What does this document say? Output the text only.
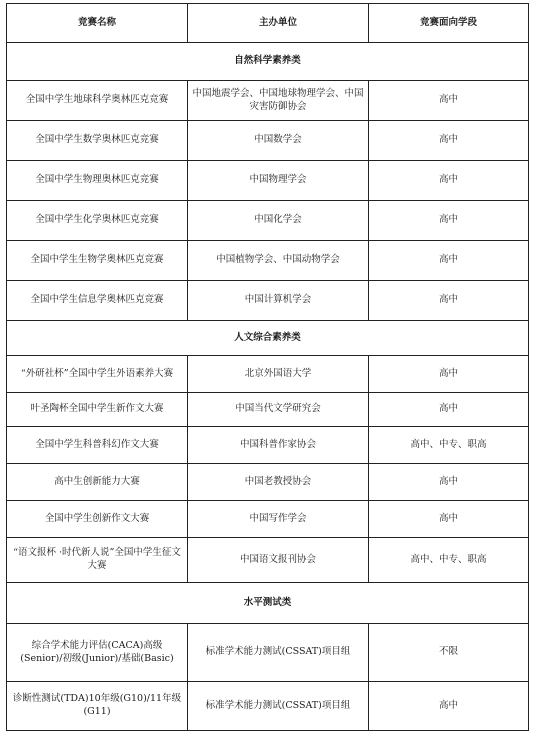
竞赛名称	主办单位	竞赛面向学段
自然科学素养类		
全国中学生地球科学奥林匹克竞赛	中国地震学会、中国地球物理学会、中国灾害防御协会	高中
全国中学生数学奥林匹克竞赛	中国数学会	高中
全国中学生物理奥林匹克竞赛	中国物理学会	高中
全国中学生化学奥林匹克竞赛	中国化学会	高中
全国中学生生物学奥林匹克竞赛	中国植物学会、中国动物学会	高中
全国中学生信息学奥林匹克竞赛	中国计算机学会	高中
人文综合素养类		
“外研社杯”全国中学生外语素养大赛	北京外国语大学	高中
叶圣陶杯全国中学生新作文大赛	中国当代文学研究会	高中
全国中学生科普科幻作文大赛	中国科普作家协会	高中、中专、职高
高中生创新能力大赛	中国老教授协会	高中
全国中学生创新作文大赛	中国写作学会	高中
“语文报杯 ·时代新人说”全国中学生征文大赛	中国语文报刊协会	高中、中专、职高
水平测试类		
综合学术能力评估(CACA)高级(Senior)/初级(Junior)/基础(Basic)	标准学术能力测试(CSSAT)项目组	不限
诊断性测试(TDA)10年级(G10)/11年级(G11)	标准学术能力测试(CSSAT)项目组	高中
